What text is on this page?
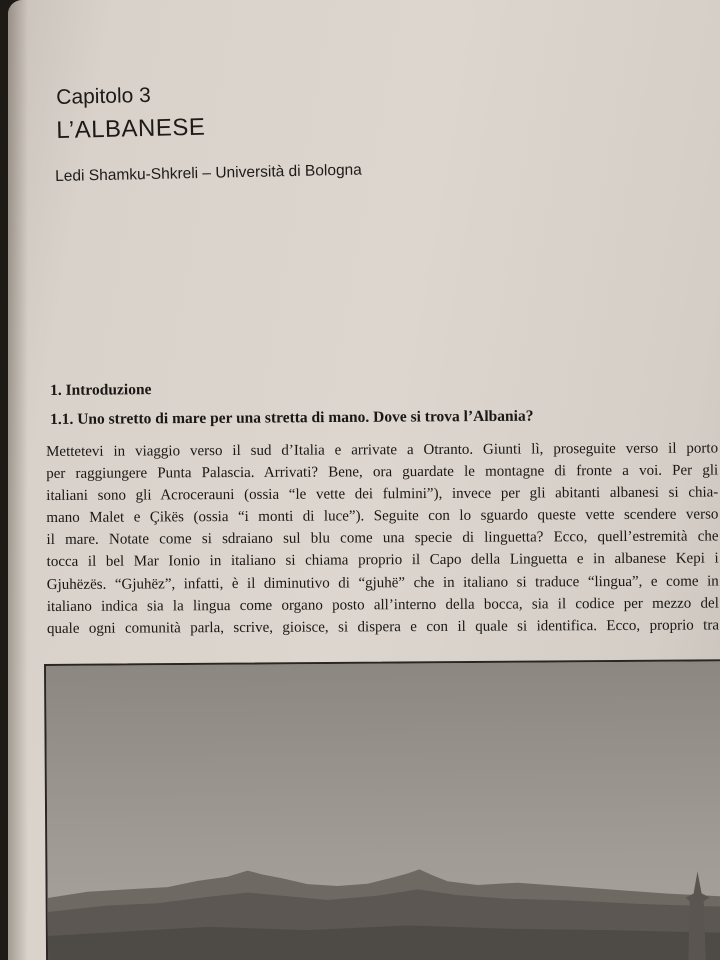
Capitolo 3
L’ALBANESE
Ledi Shamku-Shkreli – Università di Bologna
1. Introduzione
1.1. Uno stretto di mare per una stretta di mano. Dove si trova l’Albania?
Mettetevi in viaggio verso il sud d’Italia e arrivate a Otranto. Giunti lì, proseguite verso il porto
per raggiungere Punta Palascia. Arrivati? Bene, ora guardate le montagne di fronte a voi. Per gli
italiani sono gli Acrocerauni (ossia “le vette dei fulmini”), invece per gli abitanti albanesi si chia-
mano Malet e Çikës (ossia “i monti di luce”). Seguite con lo sguardo queste vette scendere verso
il mare. Notate come si sdraiano sul blu come una specie di linguetta? Ecco, quell’estremità che
tocca il bel Mar Ionio in italiano si chiama proprio il Capo della Linguetta e in albanese Kepi i
Gjuhëzës. “Gjuhëz”, infatti, è il diminutivo di “gjuhë” che in italiano si traduce “lingua”, e come in
italiano indica sia la lingua come organo posto all’interno della bocca, sia il codice per mezzo del
quale ogni comunità parla, scrive, gioisce, si dispera e con il quale si identifica. Ecco, proprio tra
